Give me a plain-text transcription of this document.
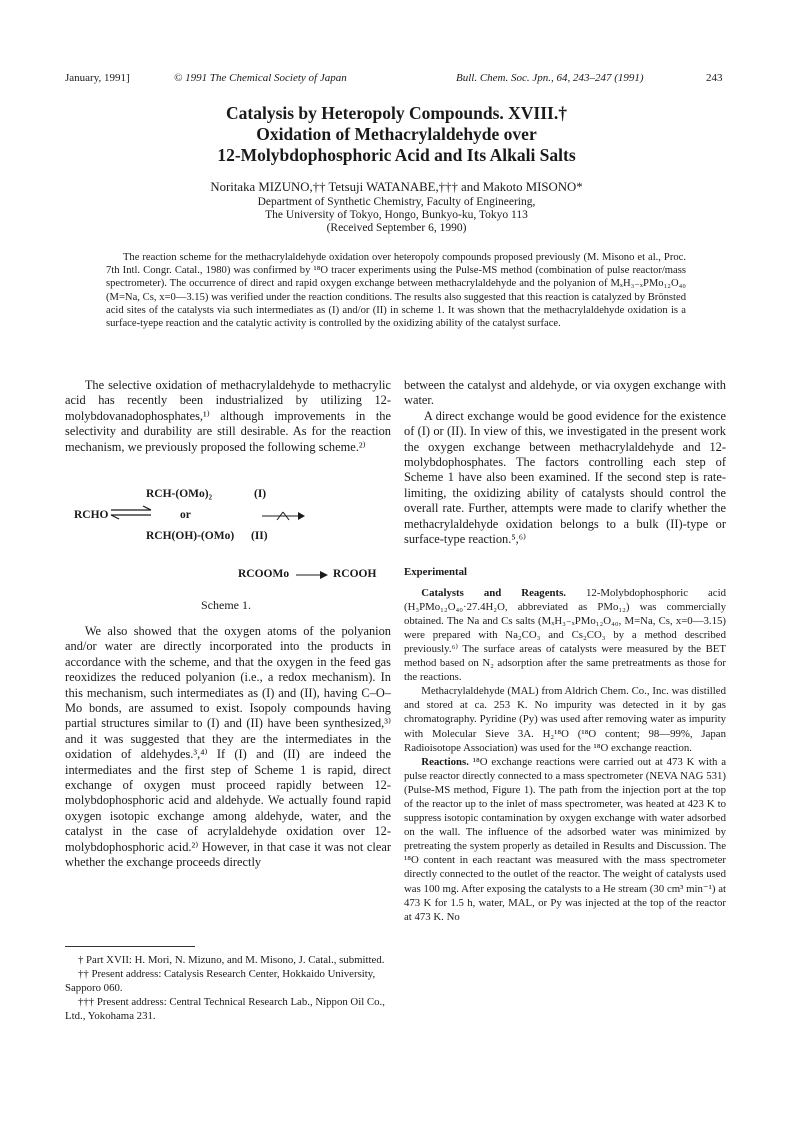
January, 1991]	© 1991 The Chemical Society of Japan	Bull. Chem. Soc. Jpn., 64, 243–247 (1991)	243
Catalysis by Heteropoly Compounds. XVIII.†
Oxidation of Methacrylaldehyde over
12-Molybdophosphoric Acid and Its Alkali Salts
Noritaka MIZUNO,†† Tetsuji WATANABE,††† and Makoto MISONO*
Department of Synthetic Chemistry, Faculty of Engineering,
The University of Tokyo, Hongo, Bunkyo-ku, Tokyo 113
(Received September 6, 1990)

The reaction scheme for the methacrylaldehyde oxidation over heteropoly compounds proposed previously (M. Misono et al., Proc. 7th Intl. Congr. Catal., 1980) was confirmed by ¹⁸O tracer experiments using the Pulse-MS method (combination of pulse reactor/mass spectrometer). The occurrence of direct and rapid oxygen exchange between methacrylaldehyde and the polyanion of MₓH₃₋ₓPMo₁₂O₄₀ (M=Na, Cs, x=0—3.15) was verified under the reaction conditions. The results also suggested that this reaction is catalyzed by Brönsted acid sites of the catalysts via such intermediates as (I) and/or (II) in scheme 1. It was shown that the methacrylaldehyde oxidation is a surface-tyepe reaction and the catalytic activity is controlled by the oxidizing ability of the catalyst surface.

The selective oxidation of methacrylaldehyde to methacrylic acid has recently been industrialized by utilizing 12-molybdovanadophosphates,¹⁾ although improvements in the selectivity and durability are still desirable. As for the reaction mechanism, we previously proposed the following scheme.²⁾

RCH-(OMo)₂	(I)
RCHO ⇌ or
RCH(OH)-(OMo) (II)
RCOOMo	RCOOH
Scheme 1.

We also showed that the oxygen atoms of the polyanion and/or water are directly incorporated into the products in accordance with the scheme, and that the oxygen in the feed gas reoxidizes the reduced polyanion (i.e., a redox mechanism). In this mechanism, such intermediates as (I) and (II), having C–O–Mo bonds, are assumed to exist. Isopoly compounds having partial structures similar to (I) and (II) have been synthesized,³⁾ and it was suggested that they are the intermediates in the oxidation of aldehydes.³,⁴⁾ If (I) and (II) are indeed the intermediates and the first step of Scheme 1 is rapid, direct exchange of oxygen must proceed rapidly between 12-molybdophosphoric acid and aldehyde. We actually found rapid oxygen isotopic exchange among aldehyde, water, and the catalyst in the case of acrylaldehyde oxidation over 12-molybdophosphoric acid.²⁾ However, in that case it was not clear whether the exchange proceeds directly

† Part XVII: H. Mori, N. Mizuno, and M. Misono, J. Catal., submitted.

†† Present address: Catalysis Research Center, Hokkaido University, Sapporo 060.

††† Present address: Central Technical Research Lab., Nippon Oil Co., Ltd., Yokohama 231.

between the catalyst and aldehyde, or via oxygen exchange with water.

A direct exchange would be good evidence for the existence of (I) or (II). In view of this, we investigated in the present work the oxygen exchange between methacrylaldehyde and 12-molybdophosphates. The factors controlling each step of Scheme 1 have also been examined. If the second step is rate-limiting, the oxidizing ability of catalysts should control the overall rate. Further, attempts were made to clarify whether the methacrylaldehyde oxidation belongs to a bulk (II)-type or surface-type reaction.⁵,⁶⁾

Experimental

Catalysts and Reagents. 12-Molybdophosphoric acid (H₃PMo₁₂O₄₀·27.4H₂O, abbreviated as PMo₁₂) was commercially obtained. The Na and Cs salts (MₓH₃₋ₓPMo₁₂O₄₀, M=Na, Cs, x=0—3.15) were prepared with Na₂CO₃ and Cs₂CO₃ by a method described previously.⁶⁾ The surface areas of catalysts were measured by the BET method based on N₂ adsorption after the same pretreatments as those for the reactions.

Methacrylaldehyde (MAL) from Aldrich Chem. Co., Inc. was distilled and stored at ca. 253 K. No impurity was detected in it by gas chromatography. Pyridine (Py) was used after removing water as impurity with Molecular Sieve 3A. H₂¹⁸O (¹⁸O content; 98—99%, Japan Radioisotope Association) was used for the ¹⁸O exchange reaction.

Reactions. ¹⁸O exchange reactions were carried out at 473 K with a pulse reactor directly connected to a mass spectrometer (NEVA NAG 531) (Pulse-MS method, Figure 1). The path from the injection port at the top of the reactor up to the inlet of mass spectrometer, was heated at 423 K to suppress isotopic contamination by oxygen exchange with water adsorbed on the wall. The influence of the adsorbed water was minimized by pretreating the system properly as detailed in Results and Discussion. The ¹⁸O content in each reactant was measured with the mass spectrometer directly connected to the outlet of the reactor. The weight of catalysts used was 100 mg. After exposing the catalysts to a He stream (30 cm³ min⁻¹) at 473 K for 1.5 h, water, MAL, or Py was injected at the top of the reactor at 473 K. No
